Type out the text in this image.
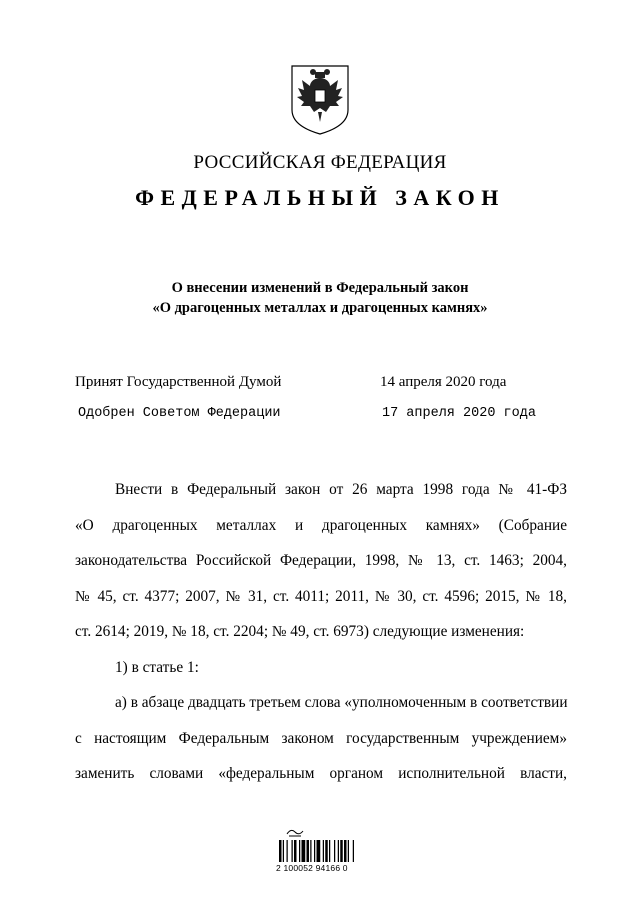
РОССИЙСКАЯ ФЕДЕРАЦИЯ
ФЕДЕРАЛЬНЫЙ ЗАКОН
О внесении изменений в Федеральный закон
«О драгоценных металлах и драгоценных камнях»
Принят Государственной Думой	14 апреля 2020 года
Одобрен Советом Федерации	17 апреля 2020 года
Внести в Федеральный закон от 26 марта 1998 года № 41-ФЗ
«О драгоценных металлах и драгоценных камнях» (Собрание
законодательства Российской Федерации, 1998, № 13, ст. 1463; 2004,
№ 45, ст. 4377; 2007, № 31, ст. 4011; 2011, № 30, ст. 4596; 2015, № 18,
ст. 2614; 2019, № 18, ст. 2204; № 49, ст. 6973) следующие изменения:
1) в статье 1:
а) в абзаце двадцать третьем слова «уполномоченным в соответствии
с настоящим Федеральным законом государственным учреждением»
заменить словами «федеральным органом исполнительной власти,
2 100052 94166 0
